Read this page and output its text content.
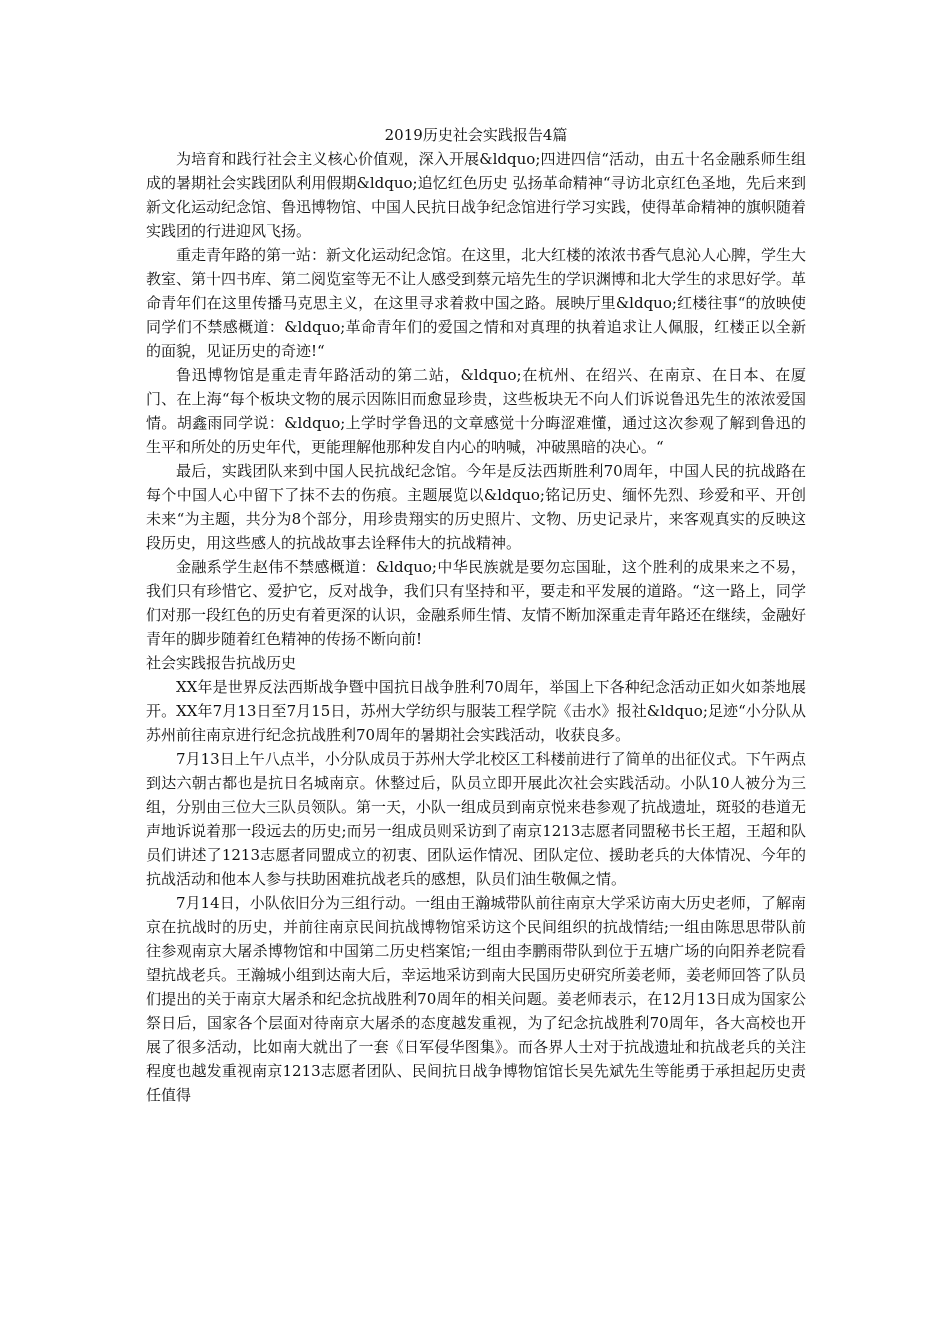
2019历史社会实践报告4篇

为培育和践行社会主义核心价值观，深入开展&ldquo;四进四信“活动，由五十名金融系师生组成的暑期社会实践团队利用假期&ldquo;追忆红色历史 弘扬革命精神“寻访北京红色圣地，先后来到新文化运动纪念馆、鲁迅博物馆、中国人民抗日战争纪念馆进行学习实践，使得革命精神的旗帜随着实践团的行进迎风飞扬。

重走青年路的第一站：新文化运动纪念馆。在这里，北大红楼的浓浓书香气息沁人心脾，学生大教室、第十四书库、第二阅览室等无不让人感受到蔡元培先生的学识渊博和北大学生的求思好学。革命青年们在这里传播马克思主义，在这里寻求着救中国之路。展映厅里&ldquo;红楼往事“的放映使同学们不禁感概道：&ldquo;革命青年们的爱国之情和对真理的执着追求让人佩服，红楼正以全新的面貌，见证历史的奇迹!“

鲁迅博物馆是重走青年路活动的第二站，&ldquo;在杭州、在绍兴、在南京、在日本、在厦门、在上海“每个板块文物的展示因陈旧而愈显珍贵，这些板块无不向人们诉说鲁迅先生的浓浓爱国情。胡鑫雨同学说：&ldquo;上学时学鲁迅的文章感觉十分晦涩难懂，通过这次参观了解到鲁迅的生平和所处的历史年代，更能理解他那种发自内心的呐喊，冲破黑暗的决心。“

最后，实践团队来到中国人民抗战纪念馆。今年是反法西斯胜利70周年，中国人民的抗战路在每个中国人心中留下了抹不去的伤痕。主题展览以&ldquo;铭记历史、缅怀先烈、珍爱和平、开创未来“为主题，共分为8个部分，用珍贵翔实的历史照片、文物、历史记录片，来客观真实的反映这段历史，用这些感人的抗战故事去诠释伟大的抗战精神。

金融系学生赵伟不禁感概道：&ldquo;中华民族就是要勿忘国耻，这个胜利的成果来之不易，我们只有珍惜它、爱护它，反对战争，我们只有坚持和平，要走和平发展的道路。“这一路上，同学们对那一段红色的历史有着更深的认识，金融系师生情、友情不断加深重走青年路还在继续，金融好青年的脚步随着红色精神的传扬不断向前!

社会实践报告抗战历史

XX年是世界反法西斯战争暨中国抗日战争胜利70周年，举国上下各种纪念活动正如火如荼地展开。XX年7月13日至7月15日，苏州大学纺织与服装工程学院《击水》报社&ldquo;足迹“小分队从苏州前往南京进行纪念抗战胜利70周年的暑期社会实践活动，收获良多。

7月13日上午八点半，小分队成员于苏州大学北校区工科楼前进行了简单的出征仪式。下午两点到达六朝古都也是抗日名城南京。休整过后，队员立即开展此次社会实践活动。小队10人被分为三组，分别由三位大三队员领队。第一天，小队一组成员到南京悦来巷参观了抗战遗址，斑驳的巷道无声地诉说着那一段远去的历史;而另一组成员则采访到了南京1213志愿者同盟秘书长王超，王超和队员们讲述了1213志愿者同盟成立的初衷、团队运作情况、团队定位、援助老兵的大体情况、今年的抗战活动和他本人参与扶助困难抗战老兵的感想，队员们油生敬佩之情。

7月14日，小队依旧分为三组行动。一组由王瀚城带队前往南京大学采访南大历史老师，了解南京在抗战时的历史，并前往南京民间抗战博物馆采访这个民间组织的抗战情结;一组由陈思思带队前往参观南京大屠杀博物馆和中国第二历史档案馆;一组由李鹏雨带队到位于五塘广场的向阳养老院看望抗战老兵。王瀚城小组到达南大后，幸运地采访到南大民国历史研究所姜老师，姜老师回答了队员们提出的关于南京大屠杀和纪念抗战胜利70周年的相关问题。姜老师表示，在12月13日成为国家公祭日后，国家各个层面对待南京大屠杀的态度越发重视，为了纪念抗战胜利70周年，各大高校也开展了很多活动，比如南大就出了一套《日军侵华图集》。而各界人士对于抗战遗址和抗战老兵的关注程度也越发重视南京1213志愿者团队、民间抗日战争博物馆馆长吴先斌先生等能勇于承担起历史责任值得
